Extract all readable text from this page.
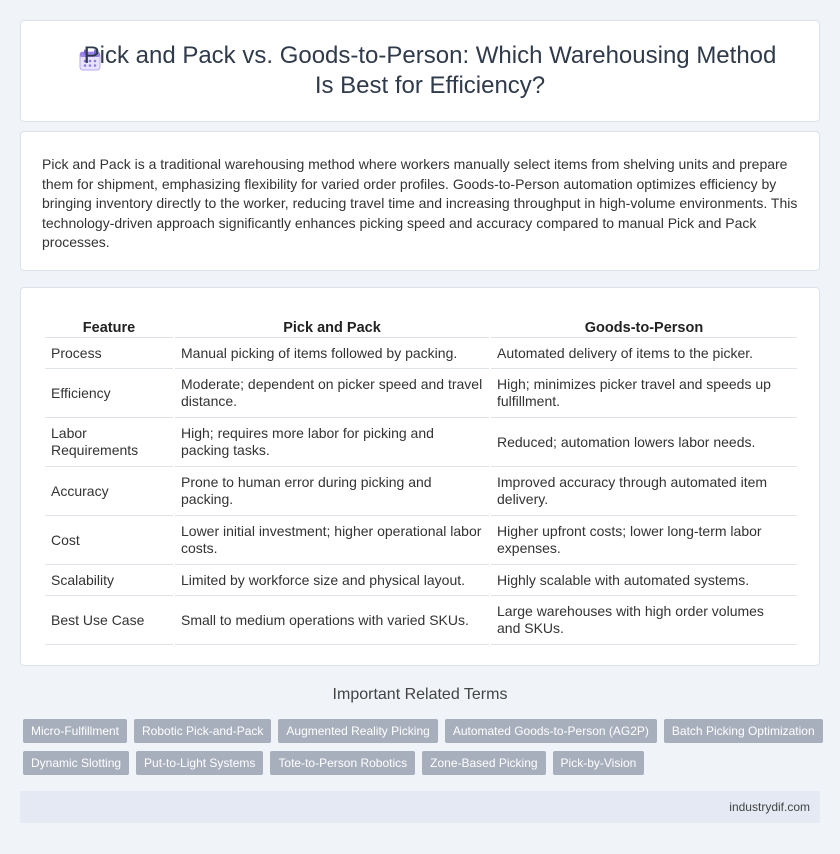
Pick and Pack vs. Goods-to-Person: Which Warehousing Method Is Best for Efficiency?

Pick and Pack is a traditional warehousing method where workers manually select items from shelving units and prepare them for shipment, emphasizing flexibility for varied order profiles. Goods-to-Person automation optimizes efficiency by bringing inventory directly to the worker, reducing travel time and increasing throughput in high-volume environments. This technology-driven approach significantly enhances picking speed and accuracy compared to manual Pick and Pack processes.

Feature	Pick and Pack	Goods-to-Person
Process	Manual picking of items followed by packing.	Automated delivery of items to the picker.
Efficiency	Moderate; dependent on picker speed and travel distance.	High; minimizes picker travel and speeds up fulfillment.
Labor Requirements	High; requires more labor for picking and packing tasks.	Reduced; automation lowers labor needs.
Accuracy	Prone to human error during picking and packing.	Improved accuracy through automated item delivery.
Cost	Lower initial investment; higher operational labor costs.	Higher upfront costs; lower long-term labor expenses.
Scalability	Limited by workforce size and physical layout.	Highly scalable with automated systems.
Best Use Case	Small to medium operations with varied SKUs.	Large warehouses with high order volumes and SKUs.
Important Related Terms
Micro-Fulfillment	Robotic Pick-and-Pack	Augmented Reality Picking	Automated Goods-to-Person (AG2P)	Batch Picking Optimization
Dynamic Slotting	Put-to-Light Systems	Tote-to-Person Robotics	Zone-Based Picking	Pick-by-Vision
industrydif.com
